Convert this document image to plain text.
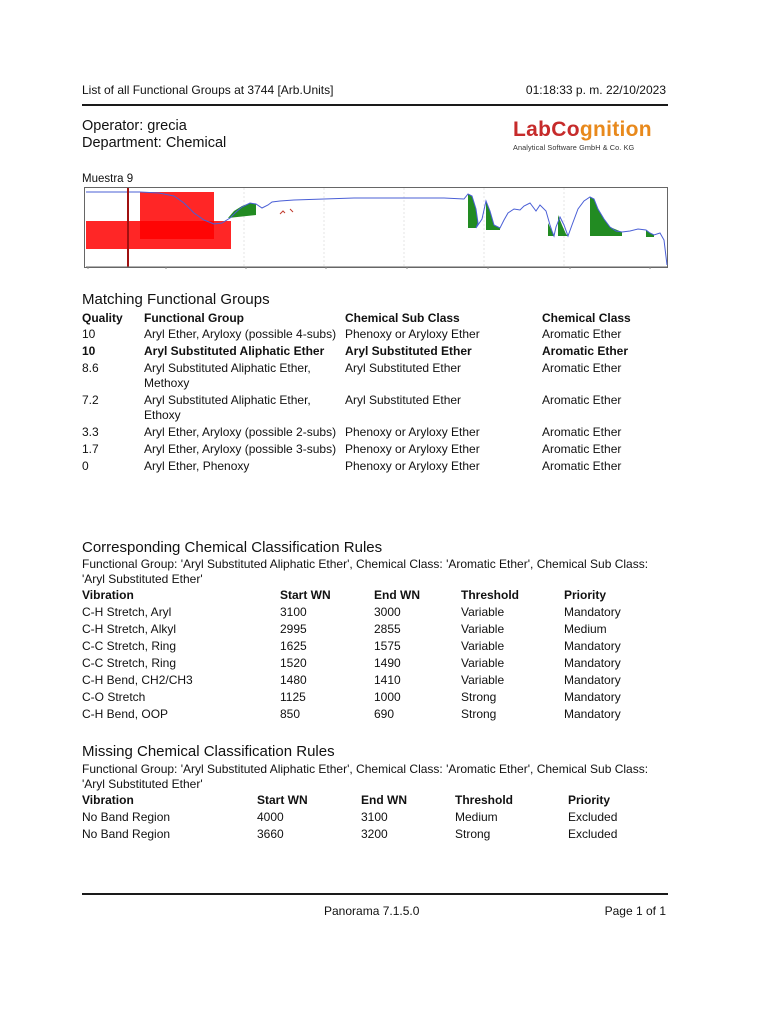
List of all Functional Groups at 3744 [Arb.Units]	01:18:33 p. m. 22/10/2023
Operator: grecia
Department: Chemical
LabCognition
Analytical Software GmbH & Co. KG
Muestra 9
Matching Functional Groups
Quality	Functional Group	Chemical Sub Class	Chemical Class
10	Aryl Ether, Aryloxy (possible 4-subs)	Phenoxy or Aryloxy Ether	Aromatic Ether
10	Aryl Substituted Aliphatic Ether	Aryl Substituted Ether	Aromatic Ether
8.6	Aryl Substituted Aliphatic Ether, Methoxy	Aryl Substituted Ether	Aromatic Ether
7.2	Aryl Substituted Aliphatic Ether, Ethoxy	Aryl Substituted Ether	Aromatic Ether
3.3	Aryl Ether, Aryloxy (possible 2-subs)	Phenoxy or Aryloxy Ether	Aromatic Ether
1.7	Aryl Ether, Aryloxy (possible 3-subs)	Phenoxy or Aryloxy Ether	Aromatic Ether
0	Aryl Ether, Phenoxy	Phenoxy or Aryloxy Ether	Aromatic Ether
Corresponding Chemical Classification Rules
Functional Group: 'Aryl Substituted Aliphatic Ether', Chemical Class: 'Aromatic Ether', Chemical Sub Class: 'Aryl Substituted Ether'
Vibration	Start WN	End WN	Threshold	Priority
C-H Stretch, Aryl	3100	3000	Variable	Mandatory
C-H Stretch, Alkyl	2995	2855	Variable	Medium
C-C Stretch, Ring	1625	1575	Variable	Mandatory
C-C Stretch, Ring	1520	1490	Variable	Mandatory
C-H Bend, CH2/CH3	1480	1410	Variable	Mandatory
C-O Stretch	1125	1000	Strong	Mandatory
C-H Bend, OOP	850	690	Strong	Mandatory
Missing Chemical Classification Rules
Functional Group: 'Aryl Substituted Aliphatic Ether', Chemical Class: 'Aromatic Ether', Chemical Sub Class: 'Aryl Substituted Ether'
Vibration	Start WN	End WN	Threshold	Priority
No Band Region	4000	3100	Medium	Excluded
No Band Region	3660	3200	Strong	Excluded
Panorama 7.1.5.0	Page 1 of 1
